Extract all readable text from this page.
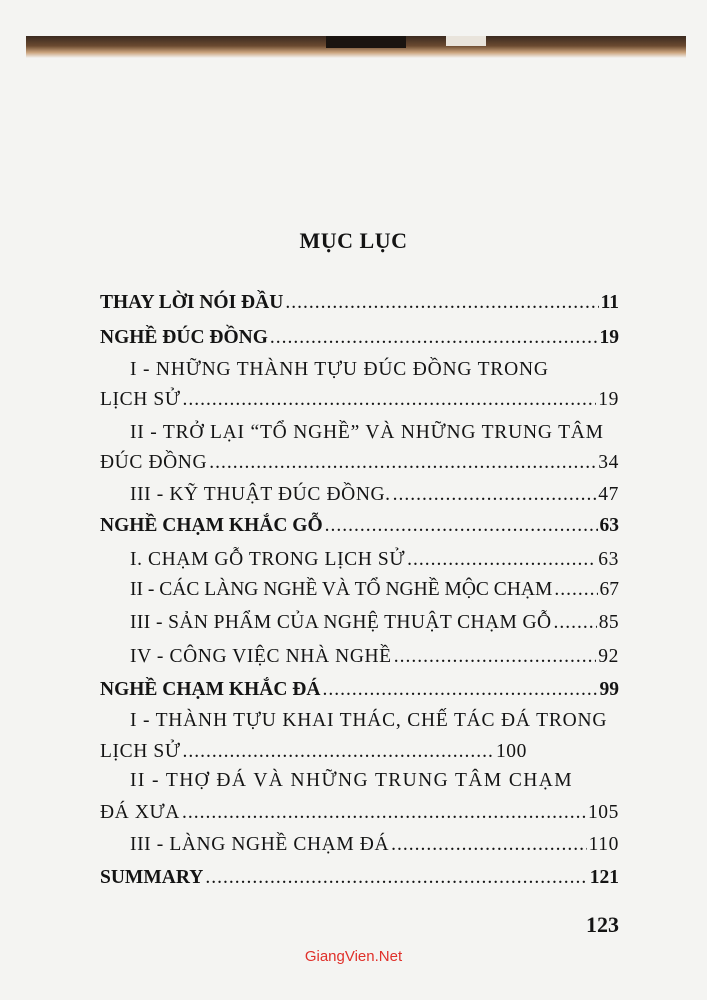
MỤC LỤC
THAY LỜI NÓI ĐẦU .....	11
NGHỀ ĐÚC ĐỒNG .....	19
I - NHỮNG THÀNH TỰU ĐÚC ĐỒNG TRONG
LỊCH SỬ .....	19
II - TRỞ LẠI “TỔ NGHỀ” VÀ NHỮNG TRUNG TÂM
ĐÚC ĐỒNG .....	34
III - KỸ THUẬT ĐÚC ĐỒNG. .....	47
NGHỀ CHẠM KHẮC GỖ .....	63
I. CHẠM GỖ TRONG LỊCH SỬ .....	63
II - CÁC LÀNG NGHỀ VÀ TỔ NGHỀ MỘC CHẠM ..... 67
III - SẢN PHẨM CỦA NGHỆ THUẬT CHẠM GỖ ..... 85
IV - CÔNG VIỆC NHÀ NGHỀ .....	92
NGHỀ CHẠM KHẮC ĐÁ .....	99
I - THÀNH TỰU KHAI THÁC, CHẾ TÁC ĐÁ TRONG
LỊCH SỬ .....	100
II - THỢ ĐÁ VÀ NHỮNG TRUNG TÂM CHẠM
ĐÁ XƯA .....	105
III - LÀNG NGHỀ CHẠM ĐÁ .....	110
SUMMARY .....	121
123
GiangVien.Net
